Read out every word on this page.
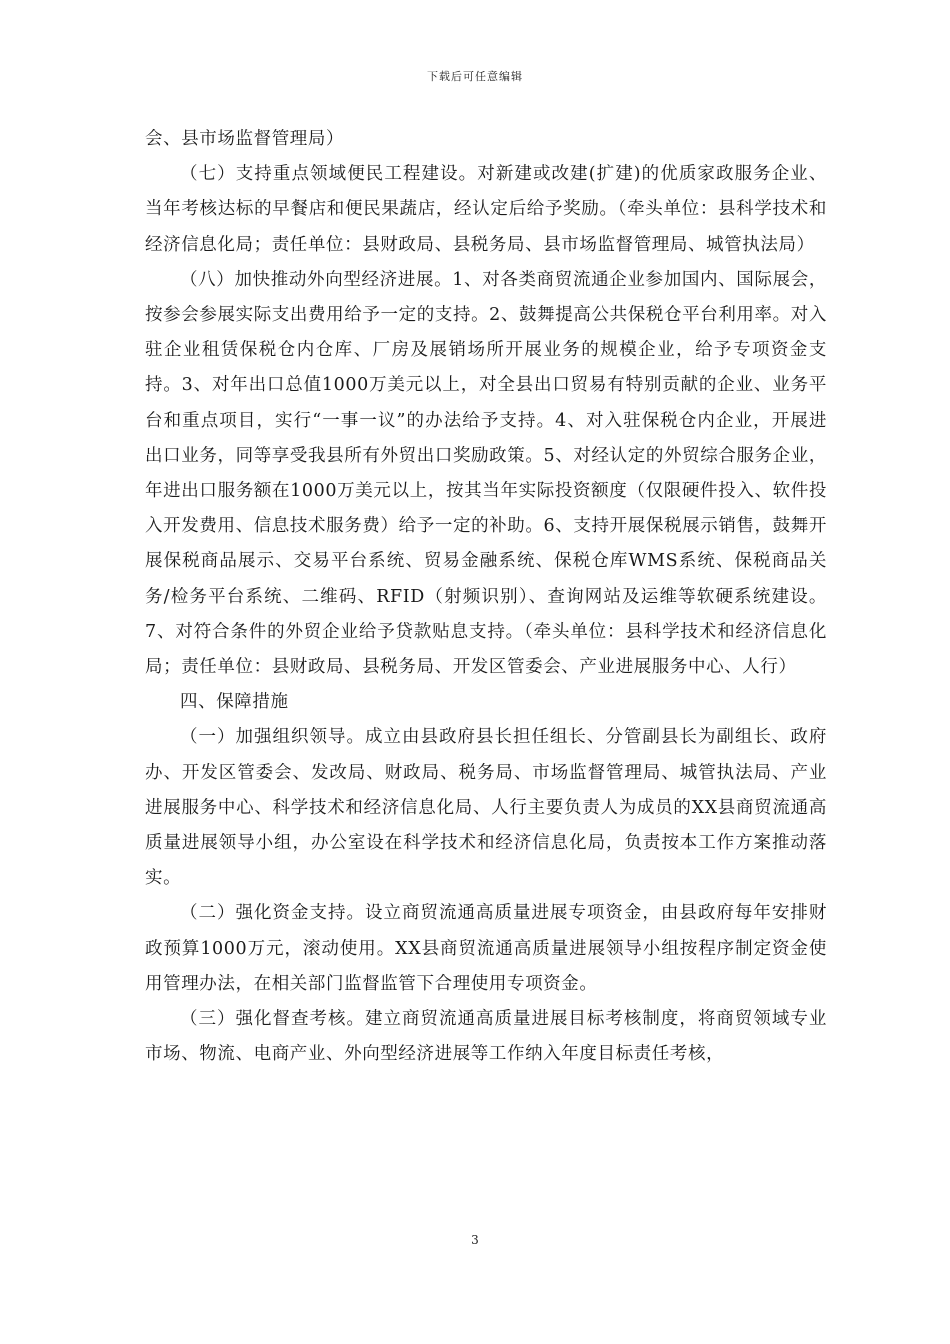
下载后可任意编辑

会、县市场监督管理局）

（七）支持重点领域便民工程建设。对新建或改建(扩建)的优质家政服务企业、当年考核达标的早餐店和便民果蔬店，经认定后给予奖励。（牵头单位：县科学技术和经济信息化局；责任单位：县财政局、县税务局、县市场监督管理局、城管执法局）

（八）加快推动外向型经济进展。1、对各类商贸流通企业参加国内、国际展会，按参会参展实际支出费用给予一定的支持。2、鼓舞提高公共保税仓平台利用率。对入驻企业租赁保税仓内仓库、厂房及展销场所开展业务的规模企业，给予专项资金支持。3、对年出口总值1000万美元以上，对全县出口贸易有特别贡献的企业、业务平台和重点项目，实行“一事一议”的办法给予支持。4、对入驻保税仓内企业，开展进出口业务，同等享受我县所有外贸出口奖励政策。5、对经认定的外贸综合服务企业，年进出口服务额在1000万美元以上，按其当年实际投资额度（仅限硬件投入、软件投入开发费用、信息技术服务费）给予一定的补助。6、支持开展保税展示销售，鼓舞开展保税商品展示、交易平台系统、贸易金融系统、保税仓库WMS系统、保税商品关务/检务平台系统、二维码、RFID（射频识别）、查询网站及运维等软硬系统建设。7、对符合条件的外贸企业给予贷款贴息支持。（牵头单位：县科学技术和经济信息化局；责任单位：县财政局、县税务局、开发区管委会、产业进展服务中心、人行）

四、保障措施

（一）加强组织领导。成立由县政府县长担任组长、分管副县长为副组长、政府办、开发区管委会、发改局、财政局、税务局、市场监督管理局、城管执法局、产业进展服务中心、科学技术和经济信息化局、人行主要负责人为成员的XX县商贸流通高质量进展领导小组，办公室设在科学技术和经济信息化局，负责按本工作方案推动落实。

（二）强化资金支持。设立商贸流通高质量进展专项资金，由县政府每年安排财政预算1000万元，滚动使用。XX县商贸流通高质量进展领导小组按程序制定资金使用管理办法，在相关部门监督监管下合理使用专项资金。

（三）强化督查考核。建立商贸流通高质量进展目标考核制度，将商贸领域专业市场、物流、电商产业、外向型经济进展等工作纳入年度目标责任考核，

3
